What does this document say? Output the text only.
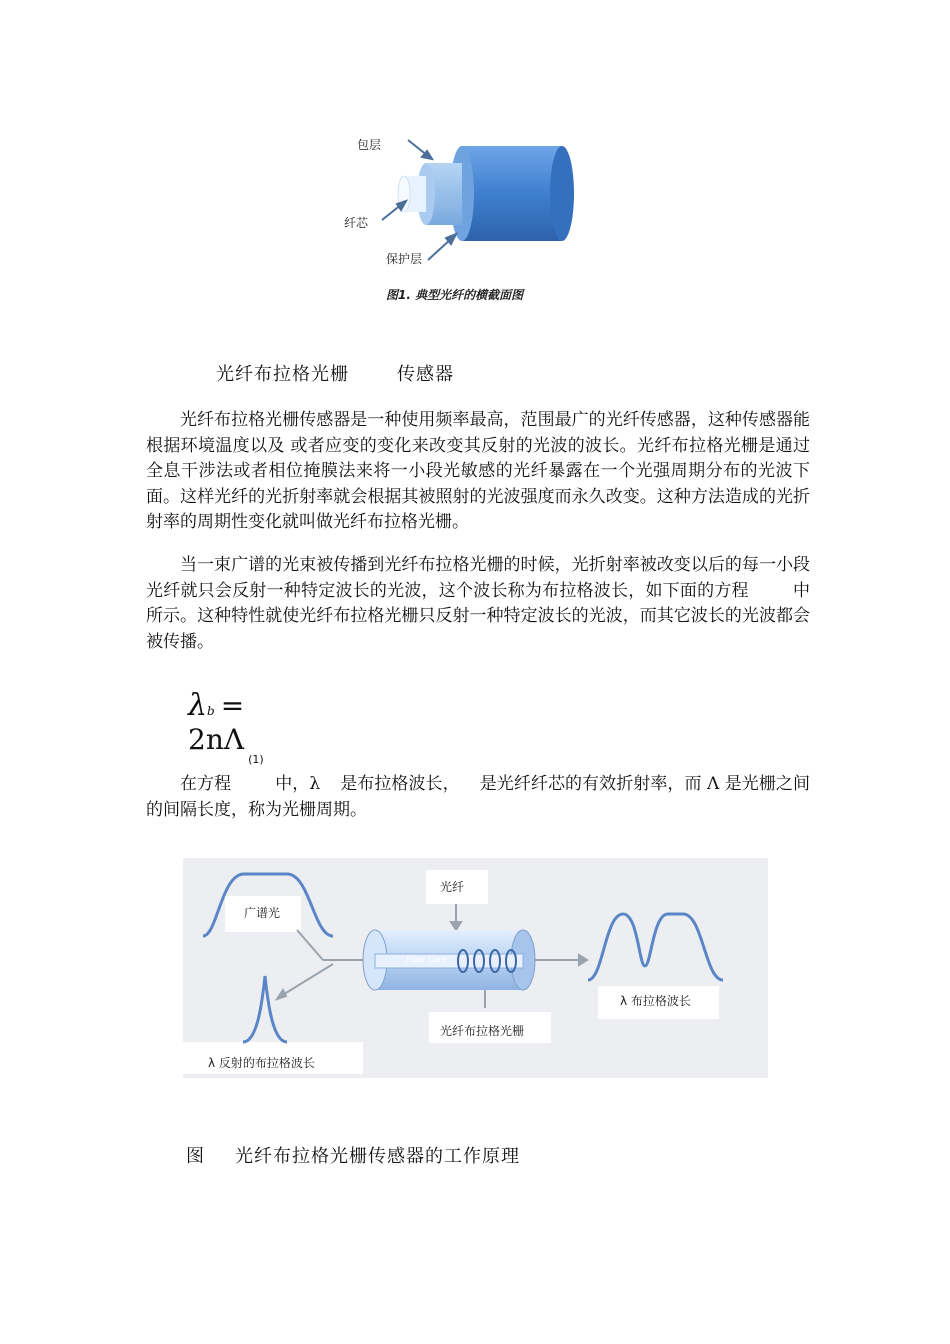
包层
纤芯
保护层
图1. 典型光纤的横截面图
光纤布拉格光栅	传感器

光纤布拉格光栅传感器是一种使用频率最高，范围最广的光纤传感器，这种传感器能根据环境温度以及 或者应变的变化来改变其反射的光波的波长。光纤布拉格光栅是通过全息干涉法或者相位掩膜法来将一小段光敏感的光纤暴露在一个光强周期分布的光波下面。这样光纤的光折射率就会根据其被照射的光波强度而永久改变。这种方法造成的光折射率的周期性变化就叫做光纤布拉格光栅。

当一束广谱的光束被传播到光纤布拉格光栅的时候，光折射率被改变以后的每一小段光纤就只会反射一种特定波长的光波，这个波长称为布拉格波长，如下面的方程	中所示。这种特性就使光纤布拉格光栅只反射一种特定波长的光波，而其它波长的光波都会被传播。

$\lambda b = 2n\Lambda_{(1)}$

在方程	中，λ 是布拉格波长， 是光纤纤芯的有效折射率，而 Λ 是光栅之间的间隔长度，称为光栅周期。

广谱光
光纤
Fiber Core
λ 布拉格波长
光纤布拉格光栅
λ 反射的布拉格波长
图 光纤布拉格光栅传感器的工作原理
